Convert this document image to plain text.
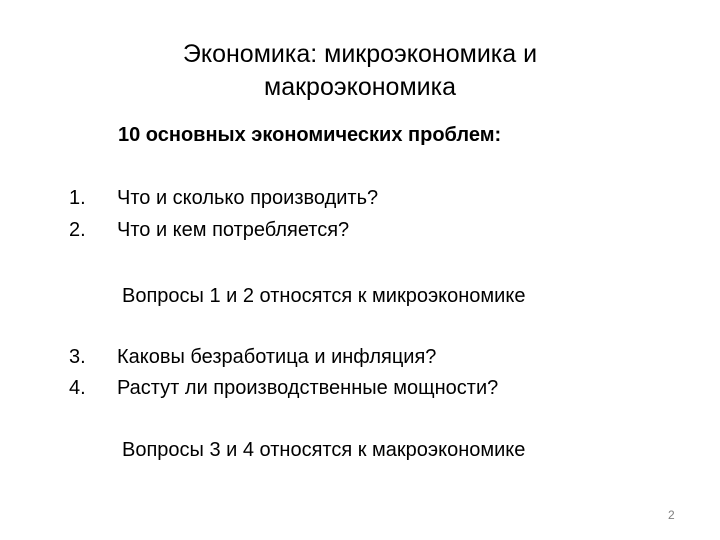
Экономика: микроэкономика и
макроэкономика
10 основных экономических проблем:
1. Что и сколько производить?
2. Что и кем потребляется?
Вопросы 1 и 2 относятся к микроэкономике
3. Каковы безработица и инфляция?
4. Растут ли производственные мощности?
Вопросы 3 и 4 относятся к макроэкономике
2
